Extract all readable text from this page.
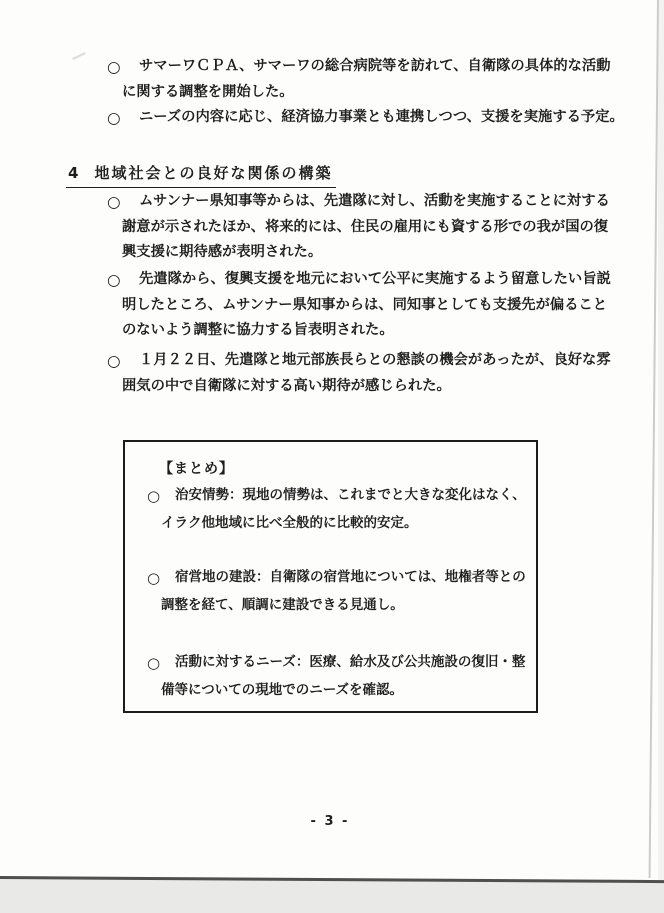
○ サマーワＣＰＡ、サマーワの総合病院等を訪れて、自衛隊の具体的な活動
に関する調整を開始した。
○ ニーズの内容に応じ、経済協力事業とも連携しつつ、支援を実施する予定。
4 地域社会との良好な関係の構築
○ ムサンナー県知事等からは、先遣隊に対し、活動を実施することに対する
謝意が示されたほか、将来的には、住民の雇用にも資する形での我が国の復
興支援に期待感が表明された。
○ 先遣隊から、復興支援を地元において公平に実施するよう留意したい旨説
明したところ、ムサンナー県知事からは、同知事としても支援先が偏ること
のないよう調整に協力する旨表明された。
○ １月２２日、先遣隊と地元部族長らとの懇談の機会があったが、良好な雰
囲気の中で自衛隊に対する高い期待が感じられた。
【まとめ】
○ 治安情勢：現地の情勢は、これまでと大きな変化はなく、
イラク他地域に比べ全般的に比較的安定。
○ 宿営地の建設：自衛隊の宿営地については、地権者等との
調整を経て、順調に建設できる見通し。
○ 活動に対するニーズ：医療、給水及び公共施設の復旧・整
備等についての現地でのニーズを確認。
- 3 -
